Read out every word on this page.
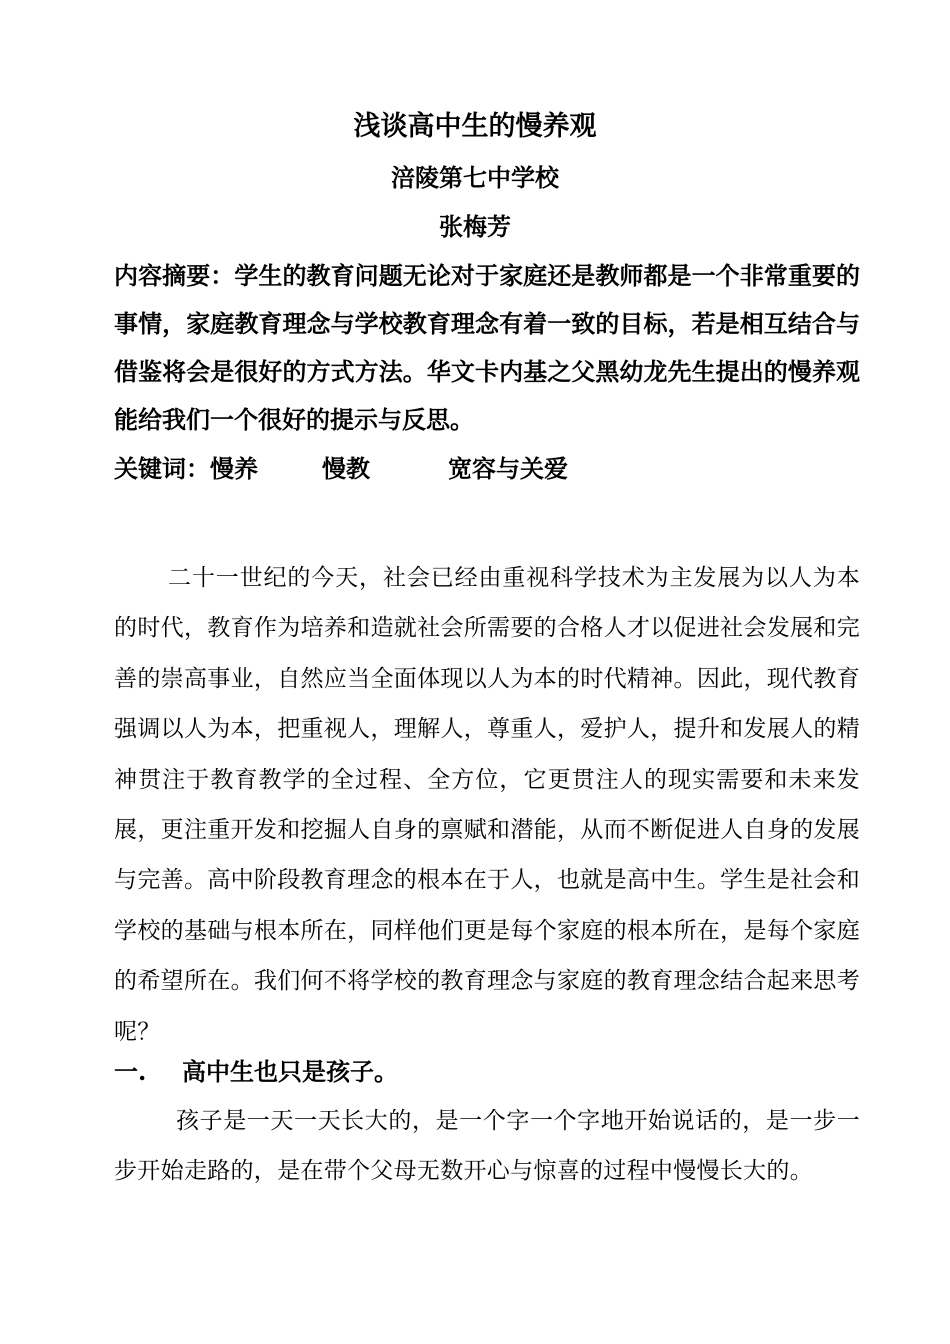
浅谈高中生的慢养观
涪陵第七中学校
张梅芳
内容摘要：学生的教育问题无论对于家庭还是教师都是一个非常重要的事情，家庭教育理念与学校教育理念有着一致的目标，若是相互结合与借鉴将会是很好的方式方法。华文卡内基之父黑幼龙先生提出的慢养观能给我们一个很好的提示与反思。
关键词：慢养	慢教	宽容与关爱
二十一世纪的今天，社会已经由重视科学技术为主发展为以人为本的时代，教育作为培养和造就社会所需要的合格人才以促进社会发展和完善的崇高事业，自然应当全面体现以人为本的时代精神。因此，现代教育强调以人为本，把重视人，理解人，尊重人，爱护人，提升和发展人的精神贯注于教育教学的全过程、全方位，它更贯注人的现实需要和未来发展，更注重开发和挖掘人自身的禀赋和潜能，从而不断促进人自身的发展与完善。高中阶段教育理念的根本在于人，也就是高中生。学生是社会和学校的基础与根本所在，同样他们更是每个家庭的根本所在，是每个家庭的希望所在。我们何不将学校的教育理念与家庭的教育理念结合起来思考呢？
一. 高中生也只是孩子。
孩子是一天一天长大的，是一个字一个字地开始说话的，是一步一步开始走路的，是在带个父母无数开心与惊喜的过程中慢慢长大的。
